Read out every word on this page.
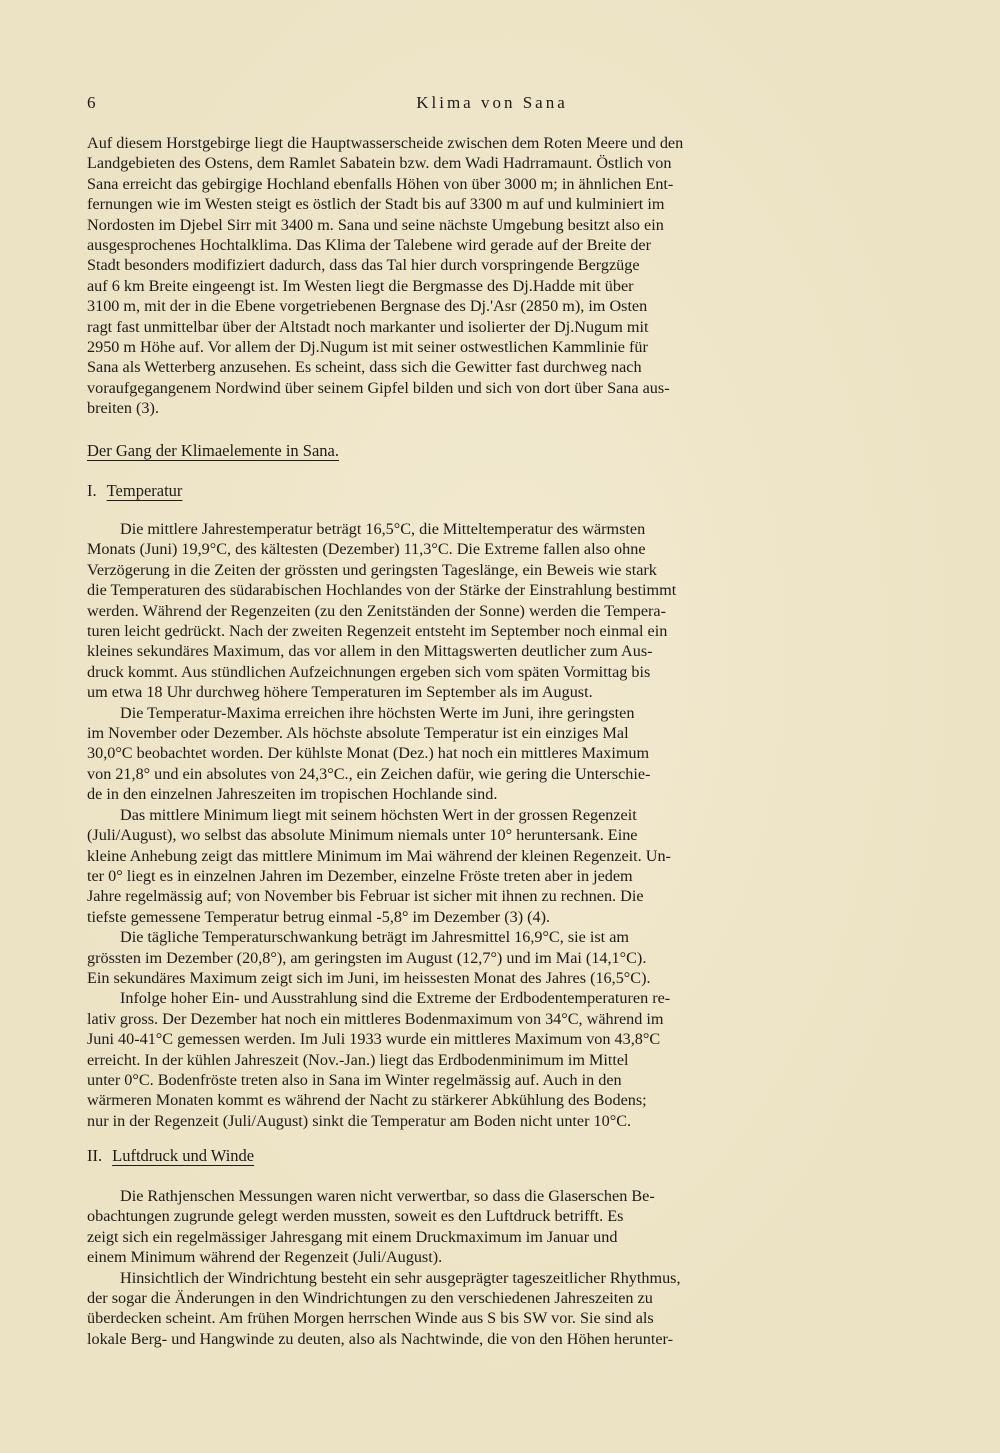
6	Klima von Sana

Auf diesem Horstgebirge liegt die Hauptwasserscheide zwischen dem Roten Meere und den
Landgebieten des Ostens, dem Ramlet Sabatein bzw. dem Wadi Hadrramaunt. Östlich von
Sana erreicht das gebirgige Hochland ebenfalls Höhen von über 3000 m; in ähnlichen Ent-
fernungen wie im Westen steigt es östlich der Stadt bis auf 3300 m auf und kulminiert im
Nordosten im Djebel Sirr mit 3400 m. Sana und seine nächste Umgebung besitzt also ein
ausgesprochenes Hochtalklima. Das Klima der Talebene wird gerade auf der Breite der
Stadt besonders modifiziert dadurch, dass das Tal hier durch vorspringende Bergzüge
auf 6 km Breite eingeengt ist. Im Westen liegt die Bergmasse des Dj.Hadde mit über
3100 m, mit der in die Ebene vorgetriebenen Bergnase des Dj.'Asr (2850 m), im Osten
ragt fast unmittelbar über der Altstadt noch markanter und isolierter der Dj.Nugum mit
2950 m Höhe auf. Vor allem der Dj.Nugum ist mit seiner ostwestlichen Kammlinie für
Sana als Wetterberg anzusehen. Es scheint, dass sich die Gewitter fast durchweg nach
voraufgegangenem Nordwind über seinem Gipfel bilden und sich von dort über Sana aus-
breiten (3).

Der Gang der Klimaelemente in Sana.
I. Temperatur

Die mittlere Jahrestemperatur beträgt 16,5°C, die Mitteltemperatur des wärmsten
Monats (Juni) 19,9°C, des kältesten (Dezember) 11,3°C. Die Extreme fallen also ohne
Verzögerung in die Zeiten der grössten und geringsten Tageslänge, ein Beweis wie stark
die Temperaturen des südarabischen Hochlandes von der Stärke der Einstrahlung bestimmt
werden. Während der Regenzeiten (zu den Zenitständen der Sonne) werden die Tempera-
turen leicht gedrückt. Nach der zweiten Regenzeit entsteht im September noch einmal ein
kleines sekundäres Maximum, das vor allem in den Mittagswerten deutlicher zum Aus-
druck kommt. Aus stündlichen Aufzeichnungen ergeben sich vom späten Vormittag bis
um etwa 18 Uhr durchweg höhere Temperaturen im September als im August.

Die Temperatur-Maxima erreichen ihre höchsten Werte im Juni, ihre geringsten
im November oder Dezember. Als höchste absolute Temperatur ist ein einziges Mal
30,0°C beobachtet worden. Der kühlste Monat (Dez.) hat noch ein mittleres Maximum
von 21,8° und ein absolutes von 24,3°C., ein Zeichen dafür, wie gering die Unterschie-
de in den einzelnen Jahreszeiten im tropischen Hochlande sind.

Das mittlere Minimum liegt mit seinem höchsten Wert in der grossen Regenzeit
(Juli/August), wo selbst das absolute Minimum niemals unter 10° heruntersank. Eine
kleine Anhebung zeigt das mittlere Minimum im Mai während der kleinen Regenzeit. Un-
ter 0° liegt es in einzelnen Jahren im Dezember, einzelne Fröste treten aber in jedem
Jahre regelmässig auf; von November bis Februar ist sicher mit ihnen zu rechnen. Die
tiefste gemessene Temperatur betrug einmal -5,8° im Dezember (3) (4).

Die tägliche Temperaturschwankung beträgt im Jahresmittel 16,9°C, sie ist am
grössten im Dezember (20,8°), am geringsten im August (12,7°) und im Mai (14,1°C).
Ein sekundäres Maximum zeigt sich im Juni, im heissesten Monat des Jahres (16,5°C).

Infolge hoher Ein- und Ausstrahlung sind die Extreme der Erdbodentemperaturen re-
lativ gross. Der Dezember hat noch ein mittleres Bodenmaximum von 34°C, während im
Juni 40-41°C gemessen werden. Im Juli 1933 wurde ein mittleres Maximum von 43,8°C
erreicht. In der kühlen Jahreszeit (Nov.-Jan.) liegt das Erdbodenminimum im Mittel
unter 0°C. Bodenfröste treten also in Sana im Winter regelmässig auf. Auch in den
wärmeren Monaten kommt es während der Nacht zu stärkerer Abkühlung des Bodens;
nur in der Regenzeit (Juli/August) sinkt die Temperatur am Boden nicht unter 10°C.

II. Luftdruck und Winde

Die Rathjenschen Messungen waren nicht verwertbar, so dass die Glaserschen Be-
obachtungen zugrunde gelegt werden mussten, soweit es den Luftdruck betrifft. Es
zeigt sich ein regelmässiger Jahresgang mit einem Druckmaximum im Januar und
einem Minimum während der Regenzeit (Juli/August).

Hinsichtlich der Windrichtung besteht ein sehr ausgeprägter tageszeitlicher Rhythmus,
der sogar die Änderungen in den Windrichtungen zu den verschiedenen Jahreszeiten zu
überdecken scheint. Am frühen Morgen herrschen Winde aus S bis SW vor. Sie sind als
lokale Berg- und Hangwinde zu deuten, also als Nachtwinde, die von den Höhen herunter-
